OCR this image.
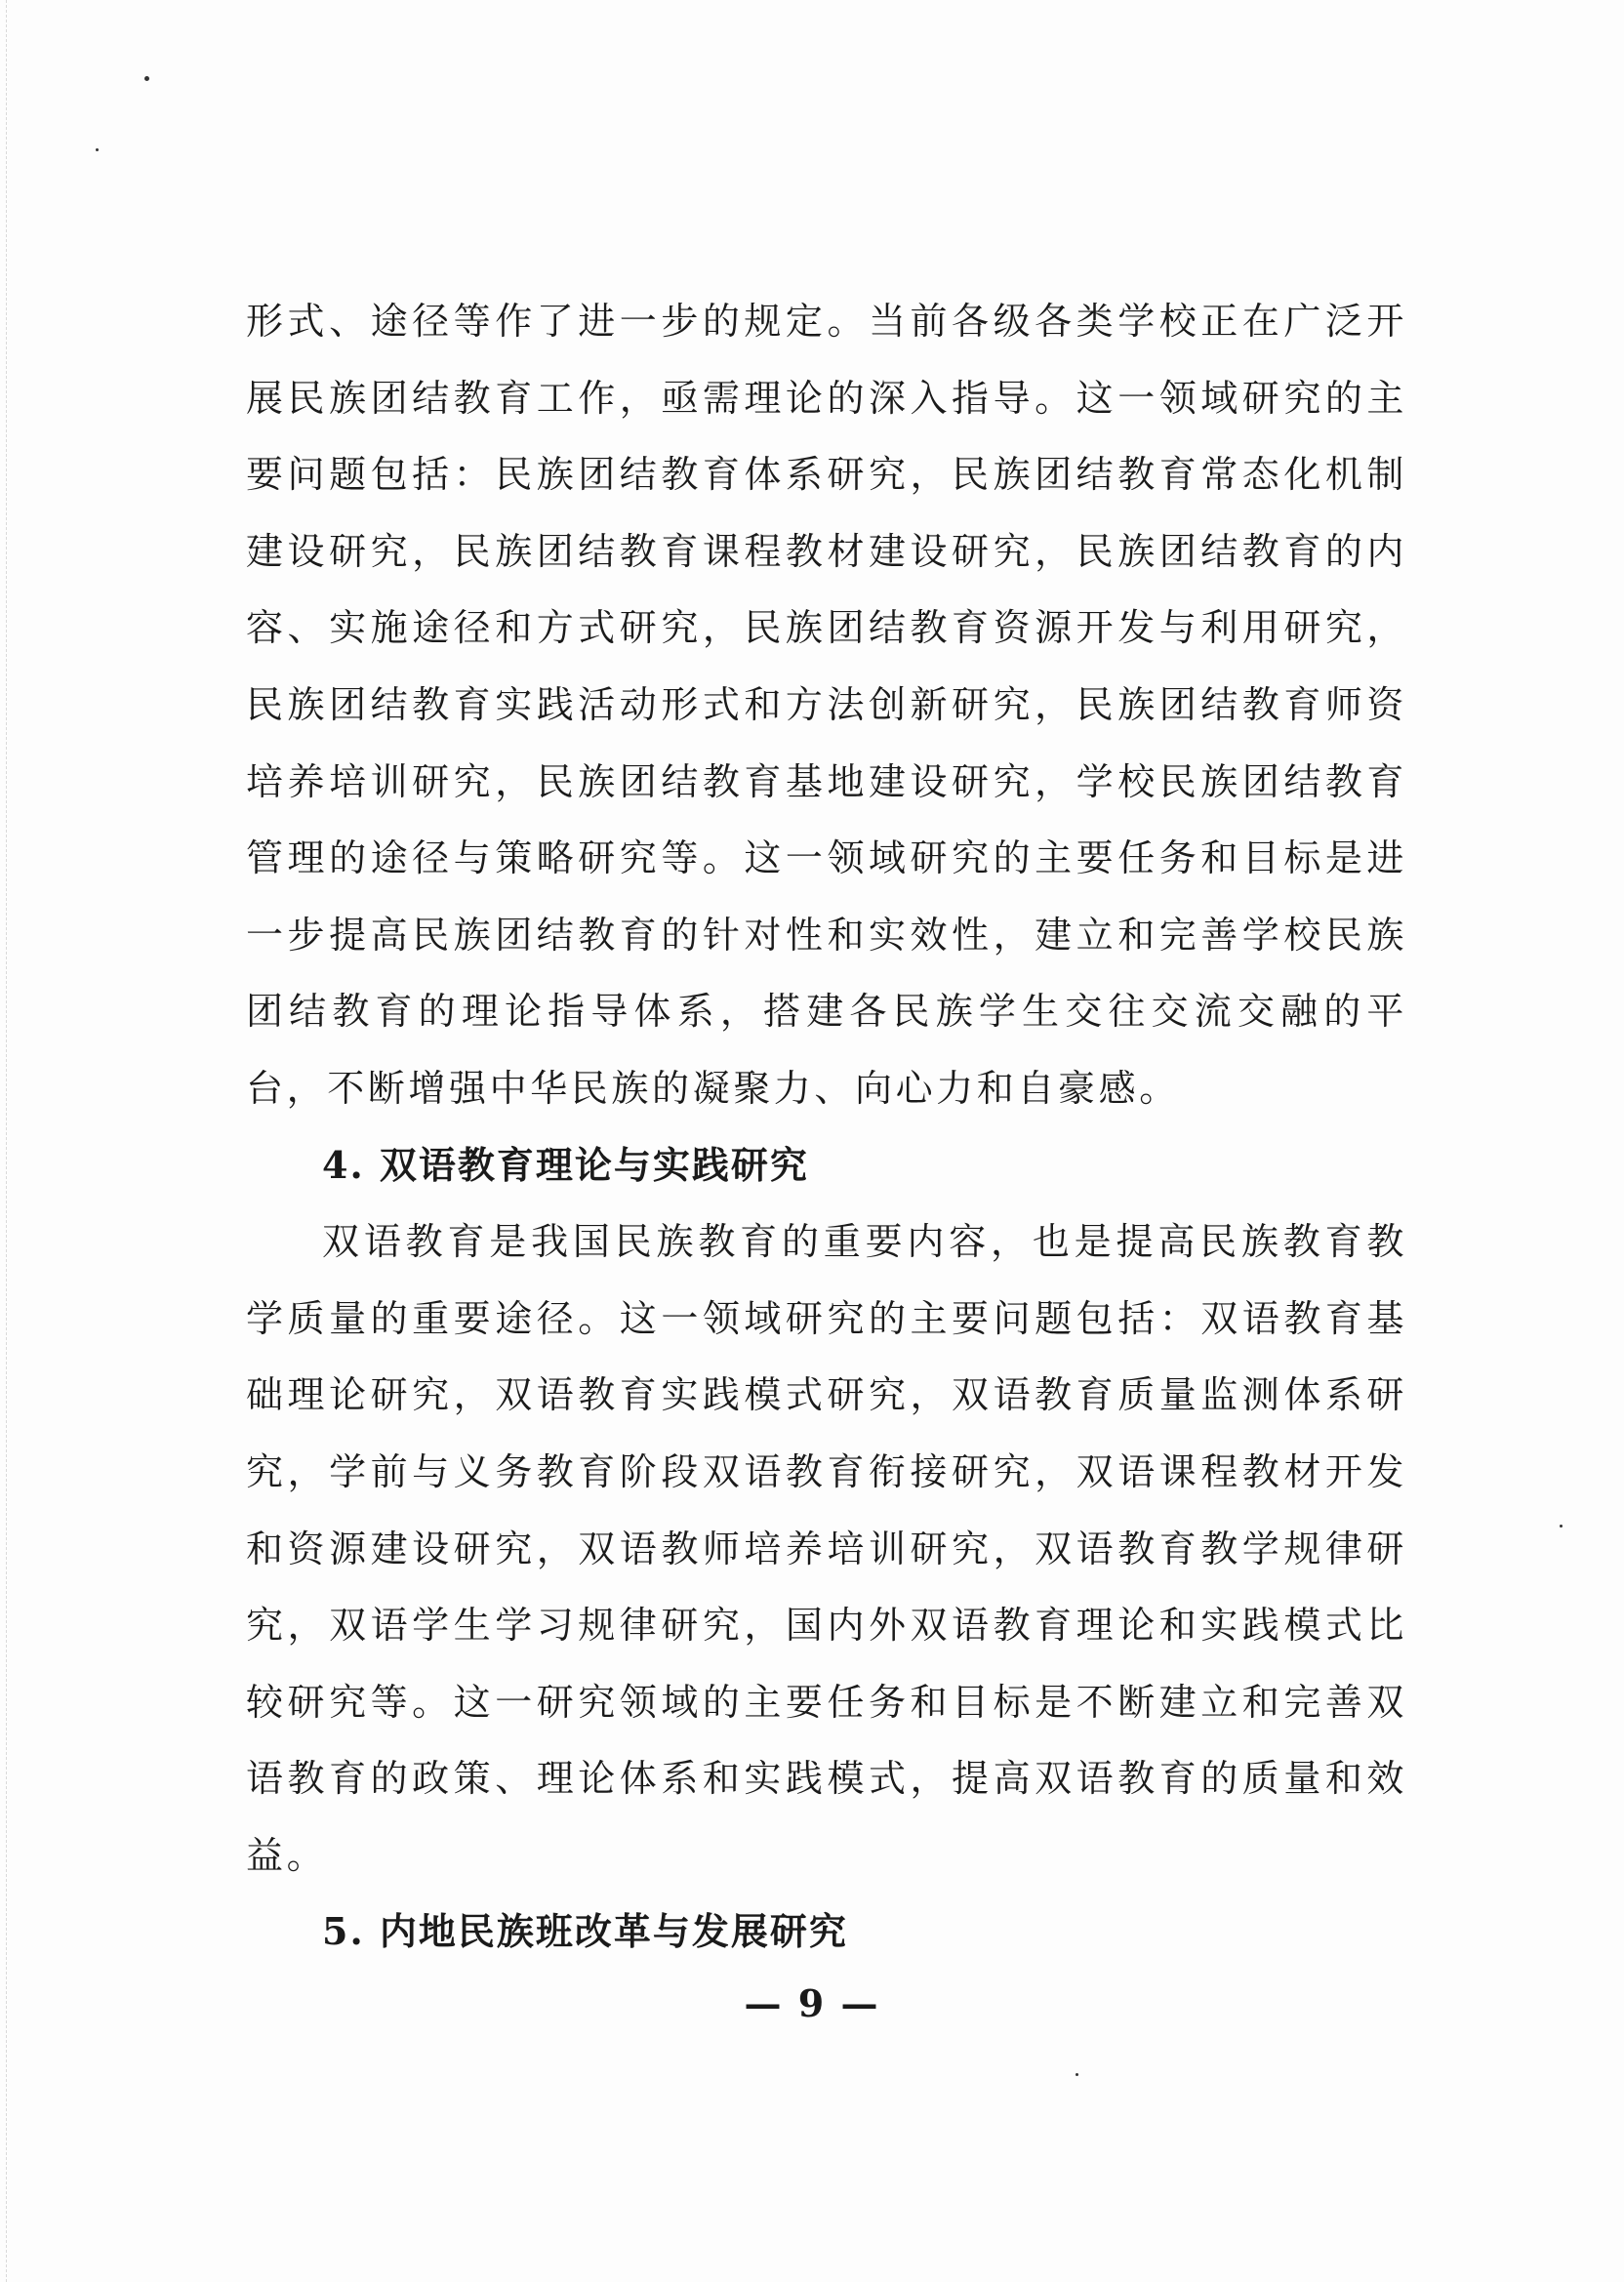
形式、途径等作了进一步的规定。当前各级各类学校正在广泛开展民族团结教育工作，亟需理论的深入指导。这一领域研究的主要问题包括：民族团结教育体系研究，民族团结教育常态化机制建设研究，民族团结教育课程教材建设研究，民族团结教育的内容、实施途径和方式研究，民族团结教育资源开发与利用研究，民族团结教育实践活动形式和方法创新研究，民族团结教育师资培养培训研究，民族团结教育基地建设研究，学校民族团结教育管理的途径与策略研究等。这一领域研究的主要任务和目标是进一步提高民族团结教育的针对性和实效性，建立和完善学校民族团结教育的理论指导体系，搭建各民族学生交往交流交融的平台，不断增强中华民族的凝聚力、向心力和自豪感。

4. 双语教育理论与实践研究

双语教育是我国民族教育的重要内容，也是提高民族教育教学质量的重要途径。这一领域研究的主要问题包括：双语教育基础理论研究，双语教育实践模式研究，双语教育质量监测体系研究，学前与义务教育阶段双语教育衔接研究，双语课程教材开发和资源建设研究，双语教师培养培训研究，双语教育教学规律研究，双语学生学习规律研究，国内外双语教育理论和实践模式比较研究等。这一研究领域的主要任务和目标是不断建立和完善双语教育的政策、理论体系和实践模式，提高双语教育的质量和效益。

5. 内地民族班改革与发展研究

— 9 —
